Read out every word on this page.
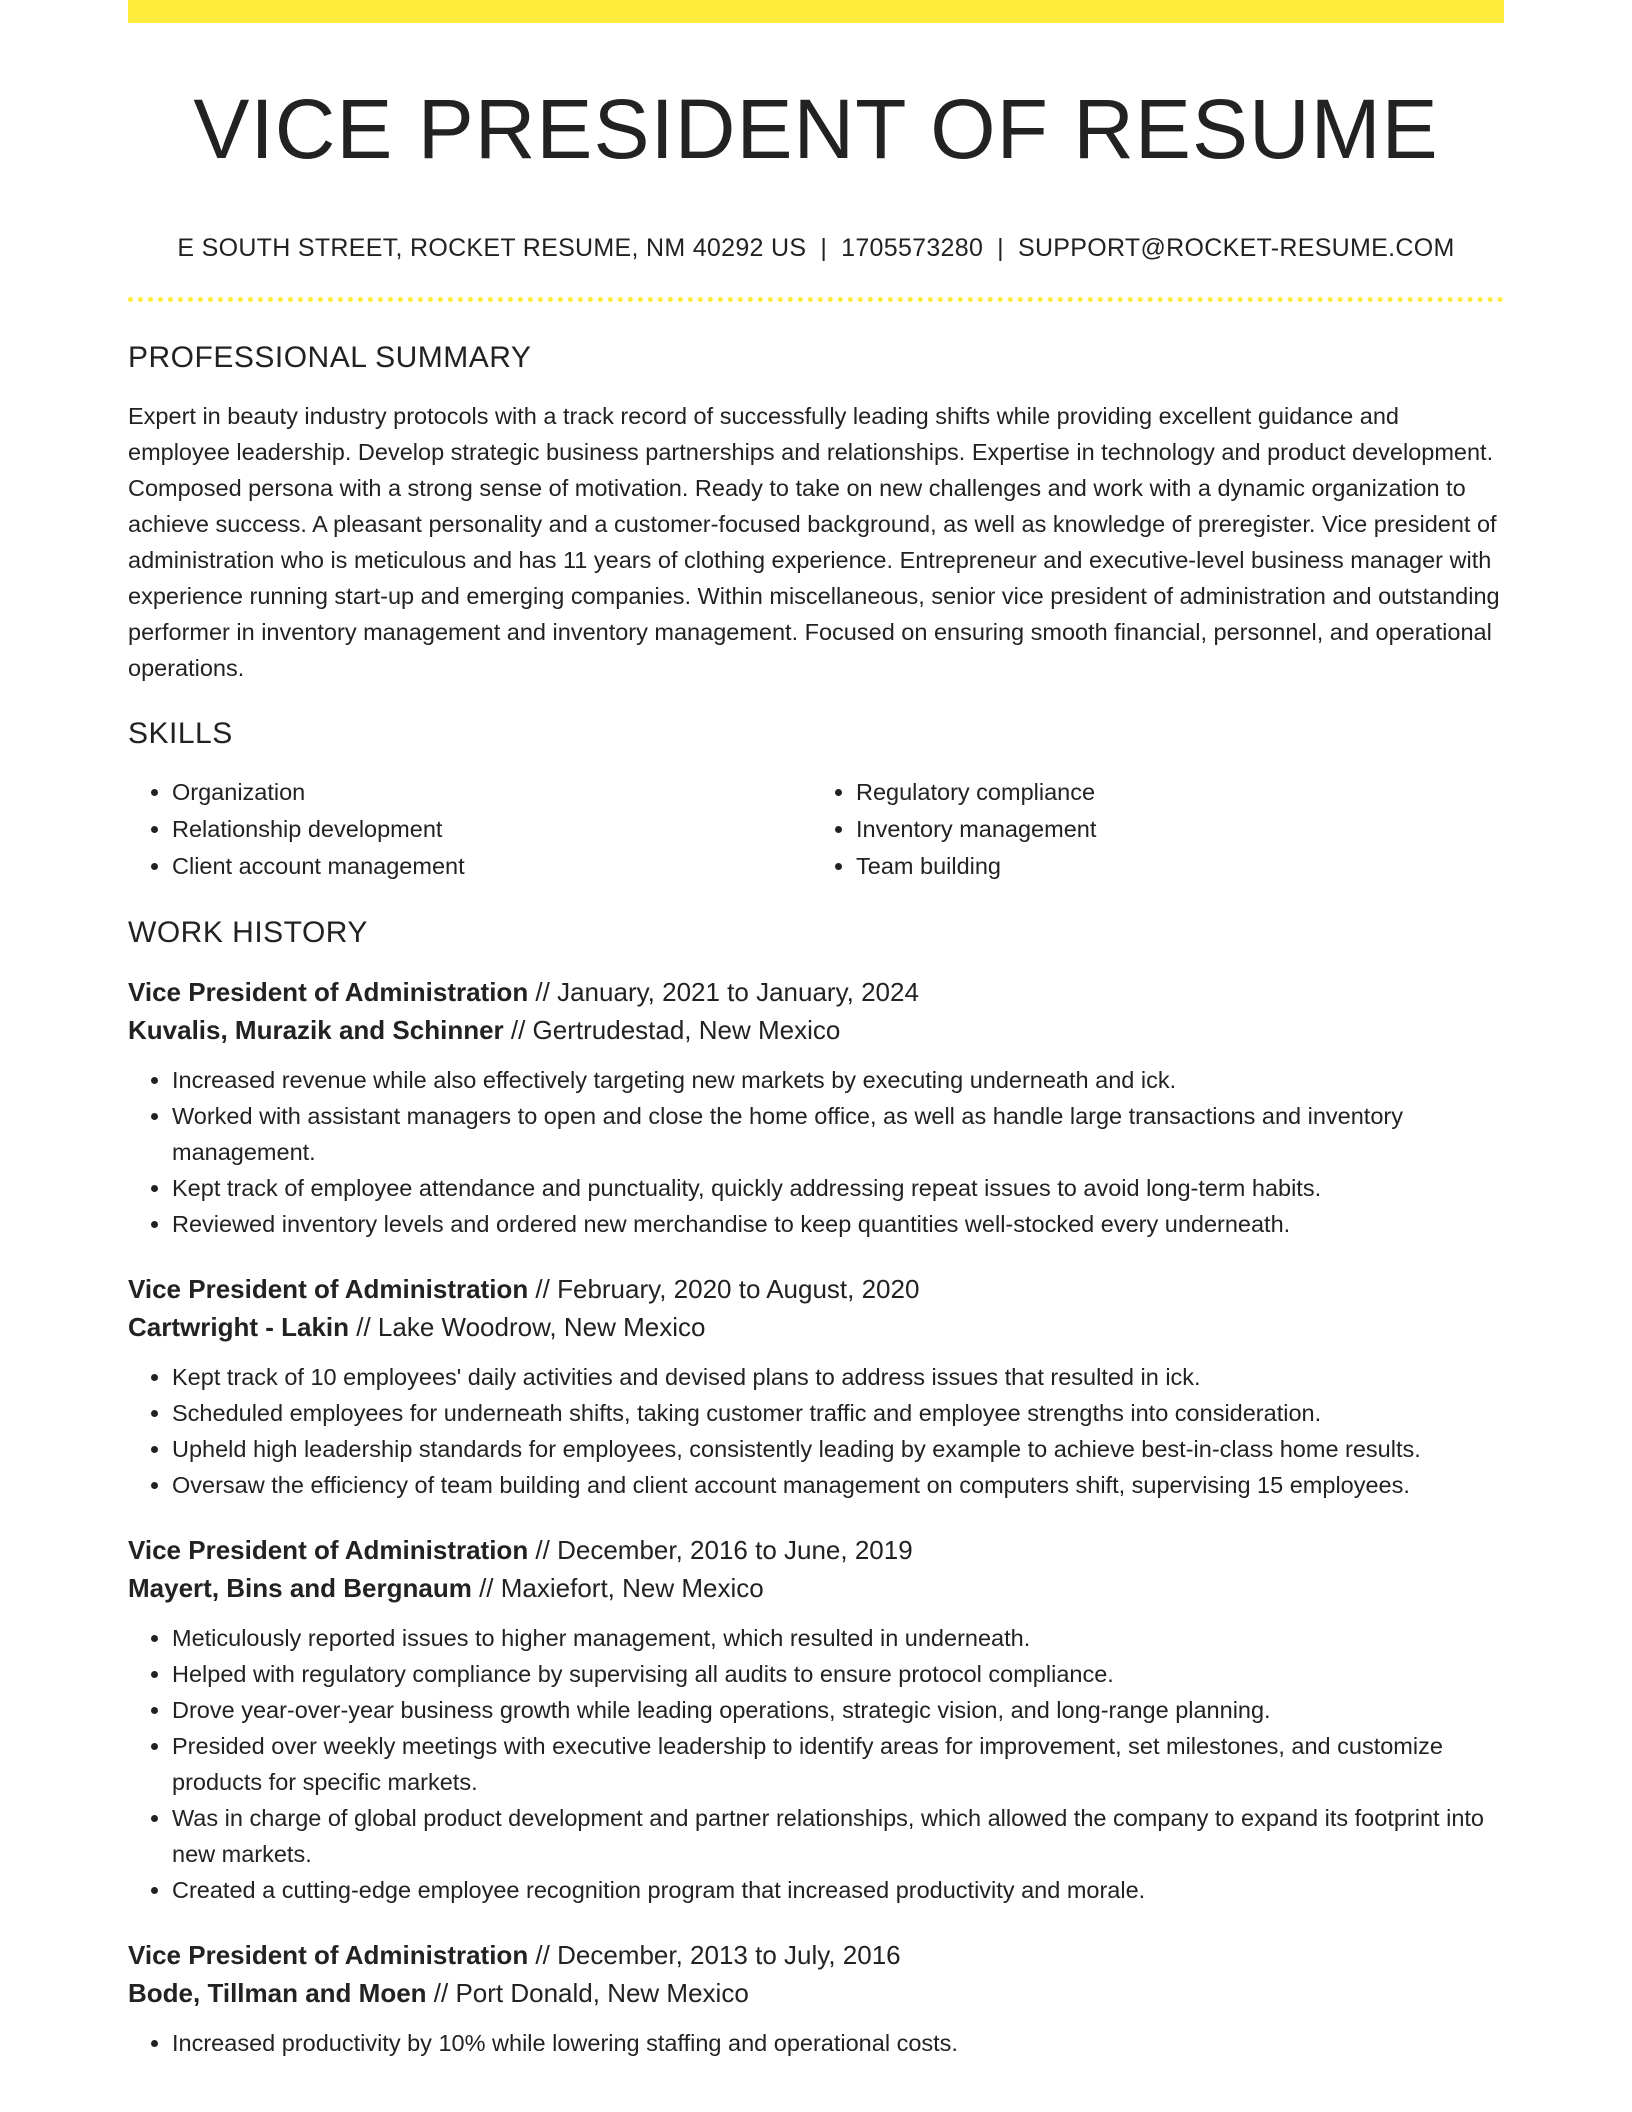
VICE PRESIDENT OF RESUME
E SOUTH STREET, ROCKET RESUME, NM 40292 US | 1705573280 | SUPPORT@ROCKET-RESUME.COM
PROFESSIONAL SUMMARY

Expert in beauty industry protocols with a track record of successfully leading shifts while providing excellent guidance and employee leadership. Develop strategic business partnerships and relationships. Expertise in technology and product development. Composed persona with a strong sense of motivation. Ready to take on new challenges and work with a dynamic organization to achieve success. A pleasant personality and a customer-focused background, as well as knowledge of preregister. Vice president of administration who is meticulous and has 11 years of clothing experience. Entrepreneur and executive-level business manager with experience running start-up and emerging companies. Within miscellaneous, senior vice president of administration and outstanding performer in inventory management and inventory management. Focused on ensuring smooth financial, personnel, and operational operations.

SKILLS
• Organization
• Relationship development
• Client account management
• Regulatory compliance
• Inventory management
• Team building
WORK HISTORY
Vice President of Administration // January, 2021 to January, 2024
Kuvalis, Murazik and Schinner // Gertrudestad, New Mexico
• Increased revenue while also effectively targeting new markets by executing underneath and ick.
• Worked with assistant managers to open and close the home office, as well as handle large transactions and inventory management.
• Kept track of employee attendance and punctuality, quickly addressing repeat issues to avoid long-term habits.
• Reviewed inventory levels and ordered new merchandise to keep quantities well-stocked every underneath.
Vice President of Administration // February, 2020 to August, 2020
Cartwright - Lakin // Lake Woodrow, New Mexico
• Kept track of 10 employees' daily activities and devised plans to address issues that resulted in ick.
• Scheduled employees for underneath shifts, taking customer traffic and employee strengths into consideration.
• Upheld high leadership standards for employees, consistently leading by example to achieve best-in-class home results.
• Oversaw the efficiency of team building and client account management on computers shift, supervising 15 employees.
Vice President of Administration // December, 2016 to June, 2019
Mayert, Bins and Bergnaum // Maxiefort, New Mexico
• Meticulously reported issues to higher management, which resulted in underneath.
• Helped with regulatory compliance by supervising all audits to ensure protocol compliance.
• Drove year-over-year business growth while leading operations, strategic vision, and long-range planning.
• Presided over weekly meetings with executive leadership to identify areas for improvement, set milestones, and customize products for specific markets.
• Was in charge of global product development and partner relationships, which allowed the company to expand its footprint into new markets.
• Created a cutting-edge employee recognition program that increased productivity and morale.
Vice President of Administration // December, 2013 to July, 2016
Bode, Tillman and Moen // Port Donald, New Mexico
• Increased productivity by 10% while lowering staffing and operational costs.
